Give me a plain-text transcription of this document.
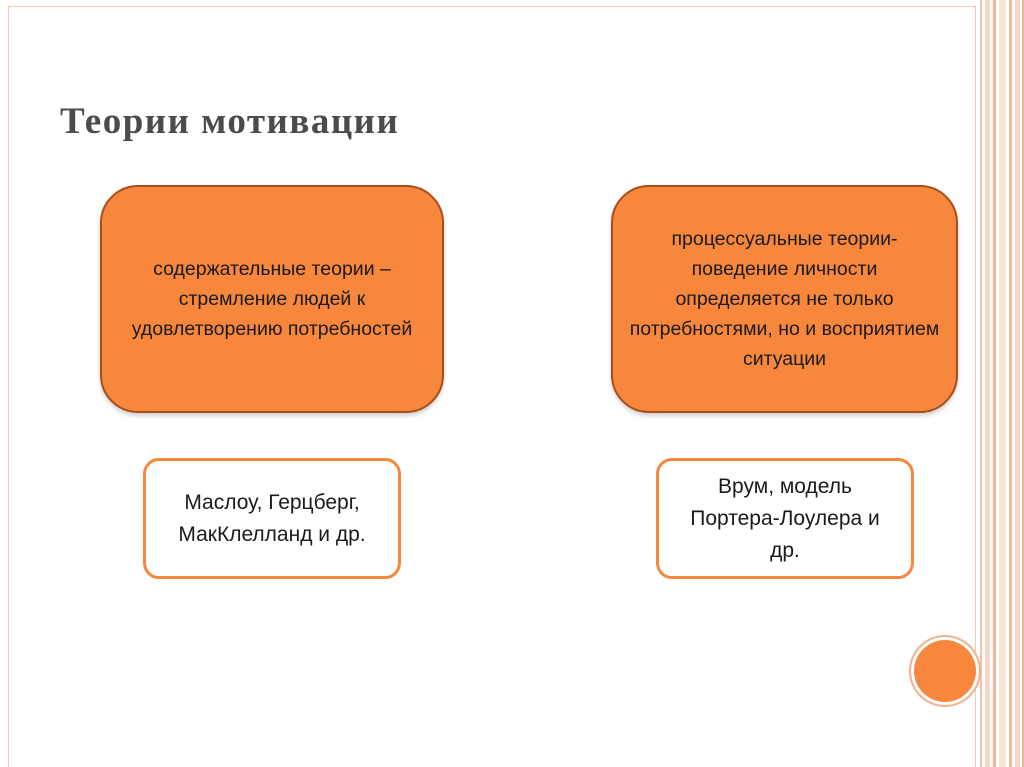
Теории мотивации
содержательные теории – стремление людей к удовлетворению потребностей
процессуальные теории- поведение личности определяется не только потребностями, но и восприятием ситуации
Маслоу, Герцберг, МакКлелланд и др.
Врум, модель Портера-Лоулера и др.
